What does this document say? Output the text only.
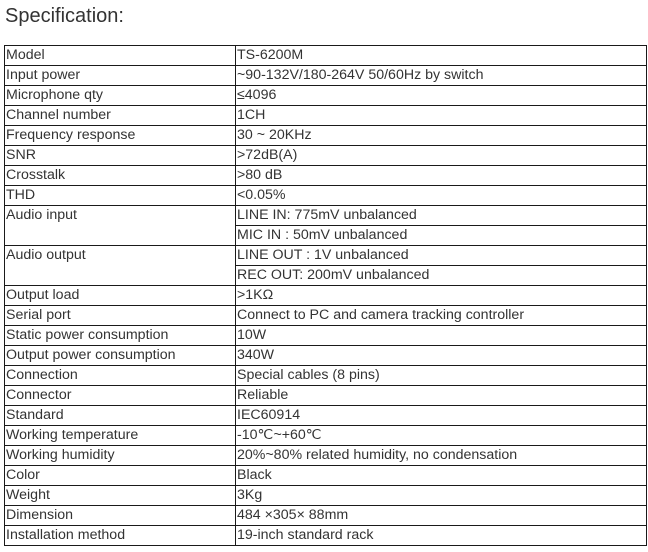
Specification:
Model	TS-6200M
Input power	~90-132V/180-264V 50/60Hz by switch
Microphone qty	≤4096
Channel number	1CH
Frequency response	30 ~ 20KHz
SNR	>72dB(A)
Crosstalk	>80 dB
THD	<0.05%
Audio input	LINE IN: 775mV unbalanced
	MIC IN : 50mV unbalanced
Audio output	LINE OUT : 1V unbalanced
	REC OUT: 200mV unbalanced
Output load	>1KΩ
Serial port	Connect to PC and camera tracking controller
Static power consumption	10W
Output power consumption	340W
Connection	Special cables (8 pins)
Connector	Reliable
Standard	IEC60914
Working temperature	-10℃~+60℃
Working humidity	20%~80% related humidity, no condensation
Color	Black
Weight	3Kg
Dimension	484 ×305× 88mm
Installation method	19-inch standard rack
